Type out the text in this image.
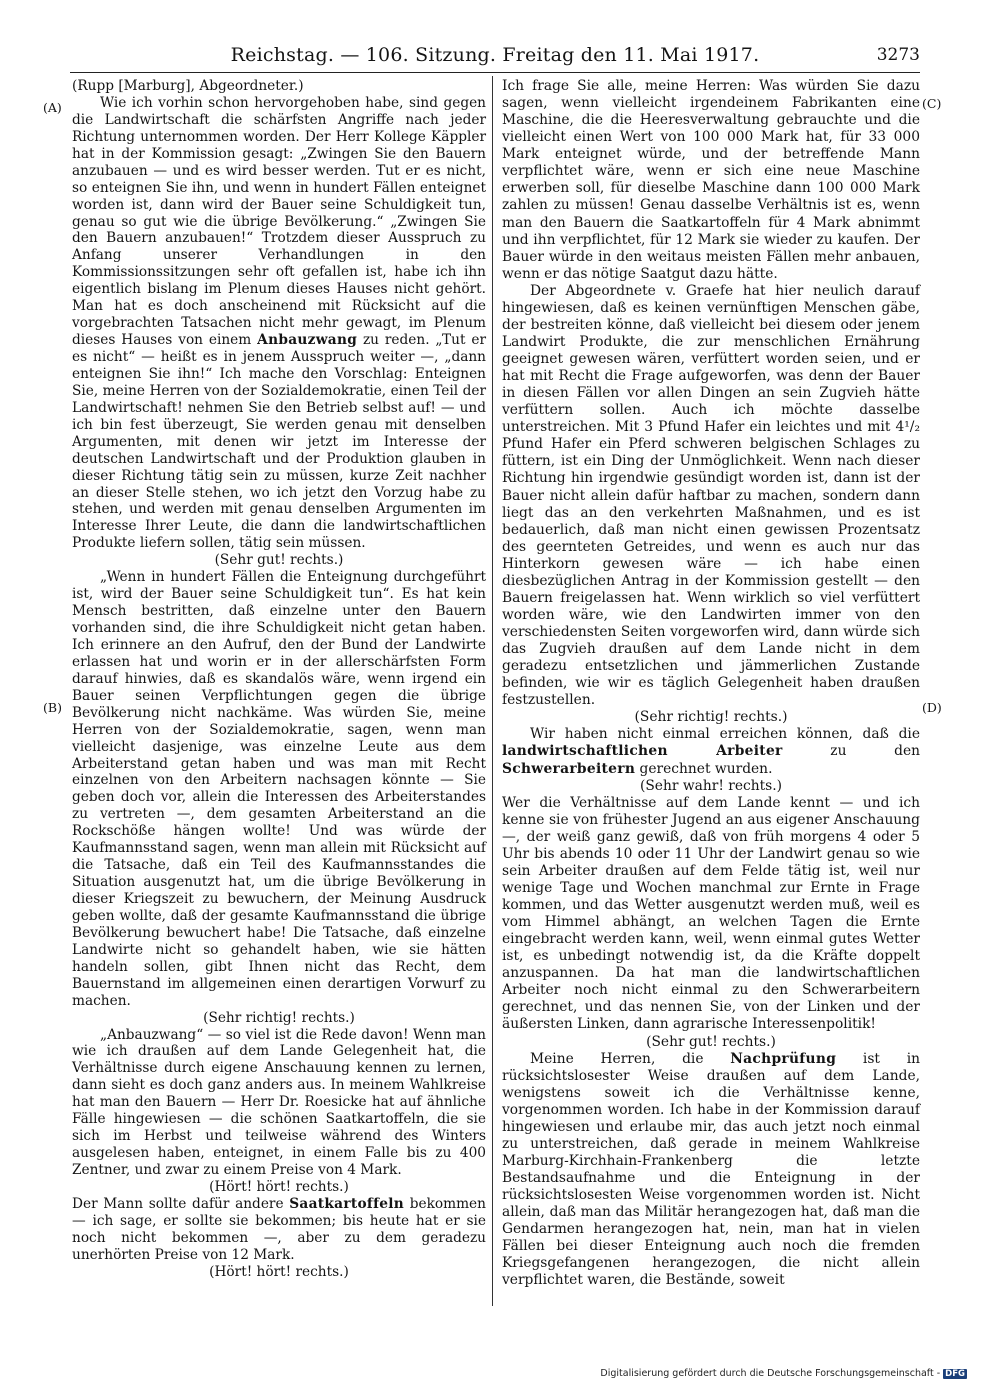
Reichstag. — 106. Sitzung. Freitag den 11. Mai 1917.	3273
(A)
(B)
(C)
(D)

(Rupp [Marburg], Abgeordneter.)

Wie ich vorhin schon hervorgehoben habe, sind gegen die Landwirtschaft die schärfsten Angriffe nach jeder Richtung unternommen worden. Der Herr Kollege Käppler hat in der Kommission gesagt: „Zwingen Sie den Bauern anzubauen — und es wird besser werden. Tut er es nicht, so enteignen Sie ihn, und wenn in hundert Fällen enteignet worden ist, dann wird der Bauer seine Schuldigkeit tun, genau so gut wie die übrige Bevölkerung.“ „Zwingen Sie den Bauern anzubauen!“ Trotzdem dieser Ausspruch zu Anfang unserer Verhandlungen in den Kommissionssitzungen sehr oft gefallen ist, habe ich ihn eigentlich bislang im Plenum dieses Hauses nicht gehört. Man hat es doch anscheinend mit Rücksicht auf die vorgebrachten Tatsachen nicht mehr gewagt, im Plenum dieses Hauses von einem Anbauzwang zu reden. „Tut er es nicht“ — heißt es in jenem Ausspruch weiter —, „dann enteignen Sie ihn!“ Ich mache den Vorschlag: Enteignen Sie, meine Herren von der Sozialdemokratie, einen Teil der Landwirtschaft! nehmen Sie den Betrieb selbst auf! — und ich bin fest überzeugt, Sie werden genau mit denselben Argumenten, mit denen wir jetzt im Interesse der deutschen Landwirtschaft und der Produktion glauben in dieser Richtung tätig sein zu müssen, kurze Zeit nachher an dieser Stelle stehen, wo ich jetzt den Vorzug habe zu stehen, und werden mit genau denselben Argumenten im Interesse Ihrer Leute, die dann die landwirtschaftlichen Produkte liefern sollen, tätig sein müssen.

(Sehr gut! rechts.)

„Wenn in hundert Fällen die Enteignung durchgeführt ist, wird der Bauer seine Schuldigkeit tun“. Es hat kein Mensch bestritten, daß einzelne unter den Bauern vorhanden sind, die ihre Schuldigkeit nicht getan haben. Ich erinnere an den Aufruf, den der Bund der Landwirte erlassen hat und worin er in der allerschärfsten Form darauf hinwies, daß es skandalös wäre, wenn irgend ein Bauer seinen Verpflichtungen gegen die übrige Bevölkerung nicht nachkäme. Was würden Sie, meine Herren von der Sozialdemokratie, sagen, wenn man vielleicht dasjenige, was einzelne Leute aus dem Arbeiterstand getan haben und was man mit Recht einzelnen von den Arbeitern nachsagen könnte — Sie geben doch vor, allein die Interessen des Arbeiterstandes zu vertreten —, dem gesamten Arbeiterstand an die Rockschöße hängen wollte! Und was würde der Kaufmannsstand sagen, wenn man allein mit Rücksicht auf die Tatsache, daß ein Teil des Kaufmannsstandes die Situation ausgenutzt hat, um die übrige Bevölkerung in dieser Kriegszeit zu bewuchern, der Meinung Ausdruck geben wollte, daß der gesamte Kaufmannsstand die übrige Bevölkerung bewuchert habe! Die Tatsache, daß einzelne Landwirte nicht so gehandelt haben, wie sie hätten handeln sollen, gibt Ihnen nicht das Recht, dem Bauernstand im allgemeinen einen derartigen Vorwurf zu machen.

(Sehr richtig! rechts.)

„Anbauzwang“ — so viel ist die Rede davon! Wenn man wie ich draußen auf dem Lande Gelegenheit hat, die Verhältnisse durch eigene Anschauung kennen zu lernen, dann sieht es doch ganz anders aus. In meinem Wahlkreise hat man den Bauern — Herr Dr. Roesicke hat auf ähnliche Fälle hingewiesen — die schönen Saatkartoffeln, die sie sich im Herbst und teilweise während des Winters ausgelesen haben, enteignet, in einem Falle bis zu 400 Zentner, und zwar zu einem Preise von 4 Mark.

(Hört! hört! rechts.)

Der Mann sollte dafür andere Saatkartoffeln bekommen — ich sage, er sollte sie bekommen; bis heute hat er sie noch nicht bekommen —, aber zu dem geradezu unerhörten Preise von 12 Mark.

(Hört! hört! rechts.)

Ich frage Sie alle, meine Herren: Was würden Sie dazu sagen, wenn vielleicht irgendeinem Fabrikanten eine Maschine, die die Heeresverwaltung gebrauchte und die vielleicht einen Wert von 100 000 Mark hat, für 33 000 Mark enteignet würde, und der betreffende Mann verpflichtet wäre, wenn er sich eine neue Maschine erwerben soll, für dieselbe Maschine dann 100 000 Mark zahlen zu müssen! Genau dasselbe Verhältnis ist es, wenn man den Bauern die Saatkartoffeln für 4 Mark abnimmt und ihn verpflichtet, für 12 Mark sie wieder zu kaufen. Der Bauer würde in den weitaus meisten Fällen mehr anbauen, wenn er das nötige Saatgut dazu hätte.

Der Abgeordnete v. Graefe hat hier neulich darauf hingewiesen, daß es keinen vernünftigen Menschen gäbe, der bestreiten könne, daß vielleicht bei diesem oder jenem Landwirt Produkte, die zur menschlichen Ernährung geeignet gewesen wären, verfüttert worden seien, und er hat mit Recht die Frage aufgeworfen, was denn der Bauer in diesen Fällen vor allen Dingen an sein Zugvieh hätte verfüttern sollen. Auch ich möchte dasselbe unterstreichen. Mit 3 Pfund Hafer ein leichtes und mit 4¹/₂ Pfund Hafer ein Pferd schweren belgischen Schlages zu füttern, ist ein Ding der Unmöglichkeit. Wenn nach dieser Richtung hin irgendwie gesündigt worden ist, dann ist der Bauer nicht allein dafür haftbar zu machen, sondern dann liegt das an den verkehrten Maßnahmen, und es ist bedauerlich, daß man nicht einen gewissen Prozentsatz des geernteten Getreides, und wenn es auch nur das Hinterkorn gewesen wäre — ich habe einen diesbezüglichen Antrag in der Kommission gestellt — den Bauern freigelassen hat. Wenn wirklich so viel verfüttert worden wäre, wie den Landwirten immer von den verschiedensten Seiten vorgeworfen wird, dann würde sich das Zugvieh draußen auf dem Lande nicht in dem geradezu entsetzlichen und jämmerlichen Zustande befinden, wie wir es täglich Gelegenheit haben draußen festzustellen.

(Sehr richtig! rechts.)

Wir haben nicht einmal erreichen können, daß die landwirtschaftlichen Arbeiter	zu den Schwerarbeitern gerechnet wurden.

(Sehr wahr! rechts.)

Wer die Verhältnisse auf dem Lande kennt — und ich kenne sie von frühester Jugend an aus eigener Anschauung —, der weiß ganz gewiß, daß von früh morgens 4 oder 5 Uhr bis abends 10 oder 11 Uhr der Landwirt genau so wie sein Arbeiter draußen auf dem Felde tätig ist, weil nur wenige Tage und Wochen manchmal zur Ernte in Frage kommen, und das Wetter ausgenutzt werden muß, weil es vom Himmel abhängt, an welchen Tagen die Ernte eingebracht werden kann, weil, wenn einmal gutes Wetter ist, es unbedingt notwendig ist, da die Kräfte doppelt anzuspannen. Da hat man die landwirtschaftlichen Arbeiter noch nicht einmal zu den Schwerarbeitern gerechnet, und das nennen Sie, von der Linken und der äußersten Linken, dann agrarische Interessenpolitik!

(Sehr gut! rechts.)

Meine Herren, die Nachprüfung ist in rücksichtslosester Weise draußen auf dem Lande, wenigstens soweit ich die Verhältnisse kenne, vorgenommen worden. Ich habe in der Kommission darauf hingewiesen und erlaube mir, das auch jetzt noch einmal zu unterstreichen, daß gerade in meinem Wahlkreise Marburg-Kirchhain-Frankenberg die letzte Bestandsaufnahme und die Enteignung in der rücksichtslosesten Weise vorgenommen worden ist. Nicht allein, daß man das Militär herangezogen hat, daß man die Gendarmen herangezogen hat, nein, man hat in vielen Fällen bei dieser Enteignung auch noch die fremden Kriegsgefangenen herangezogen, die nicht allein verpflichtet waren, die Bestände, soweit

Digitalisierung gefördert durch die Deutsche Forschungsgemeinschaft - DFG
